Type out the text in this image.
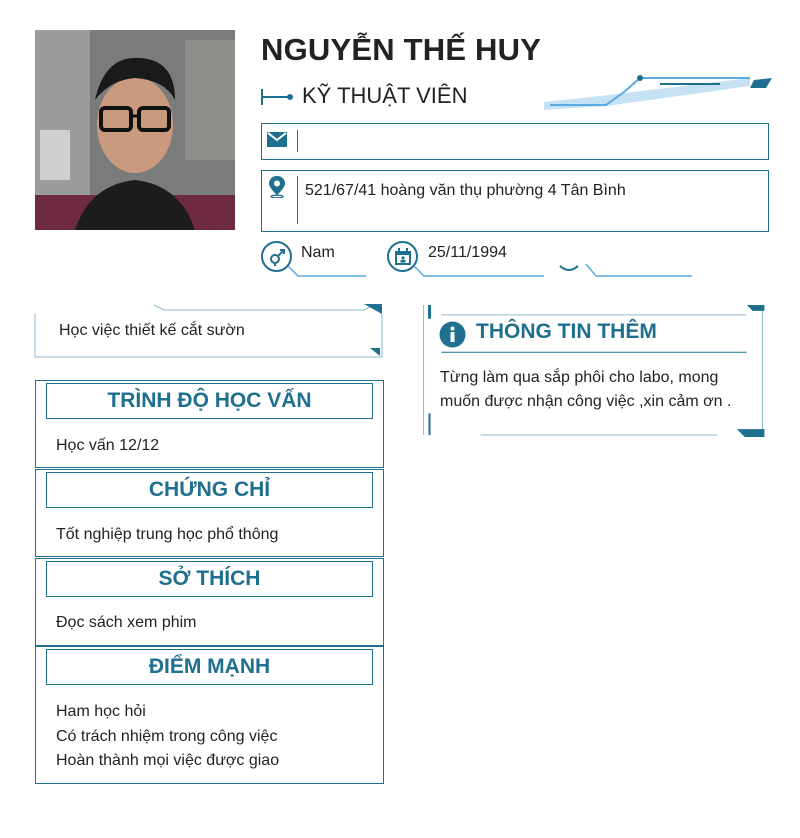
NGUYỄN THẾ HUY
KỸ THUẬT VIÊN
521/67/41 hoàng văn thụ phường 4 Tân Bình
Nam	25/11/1994
Học việc thiết kế cắt sườn
TRÌNH ĐỘ HỌC VẤN
Học vấn 12/12
CHỨNG CHỈ
Tốt nghiệp trung học phổ thông
SỞ THÍCH
Đọc sách xem phim
ĐIỂM MẠNH
Ham học hỏi
Có trách nhiệm trong công việc
Hoàn thành mọi việc được giao
THÔNG TIN THÊM
Từng làm qua sắp phôi cho labo, mong muốn được nhận công việc ,xin cảm ơn .
